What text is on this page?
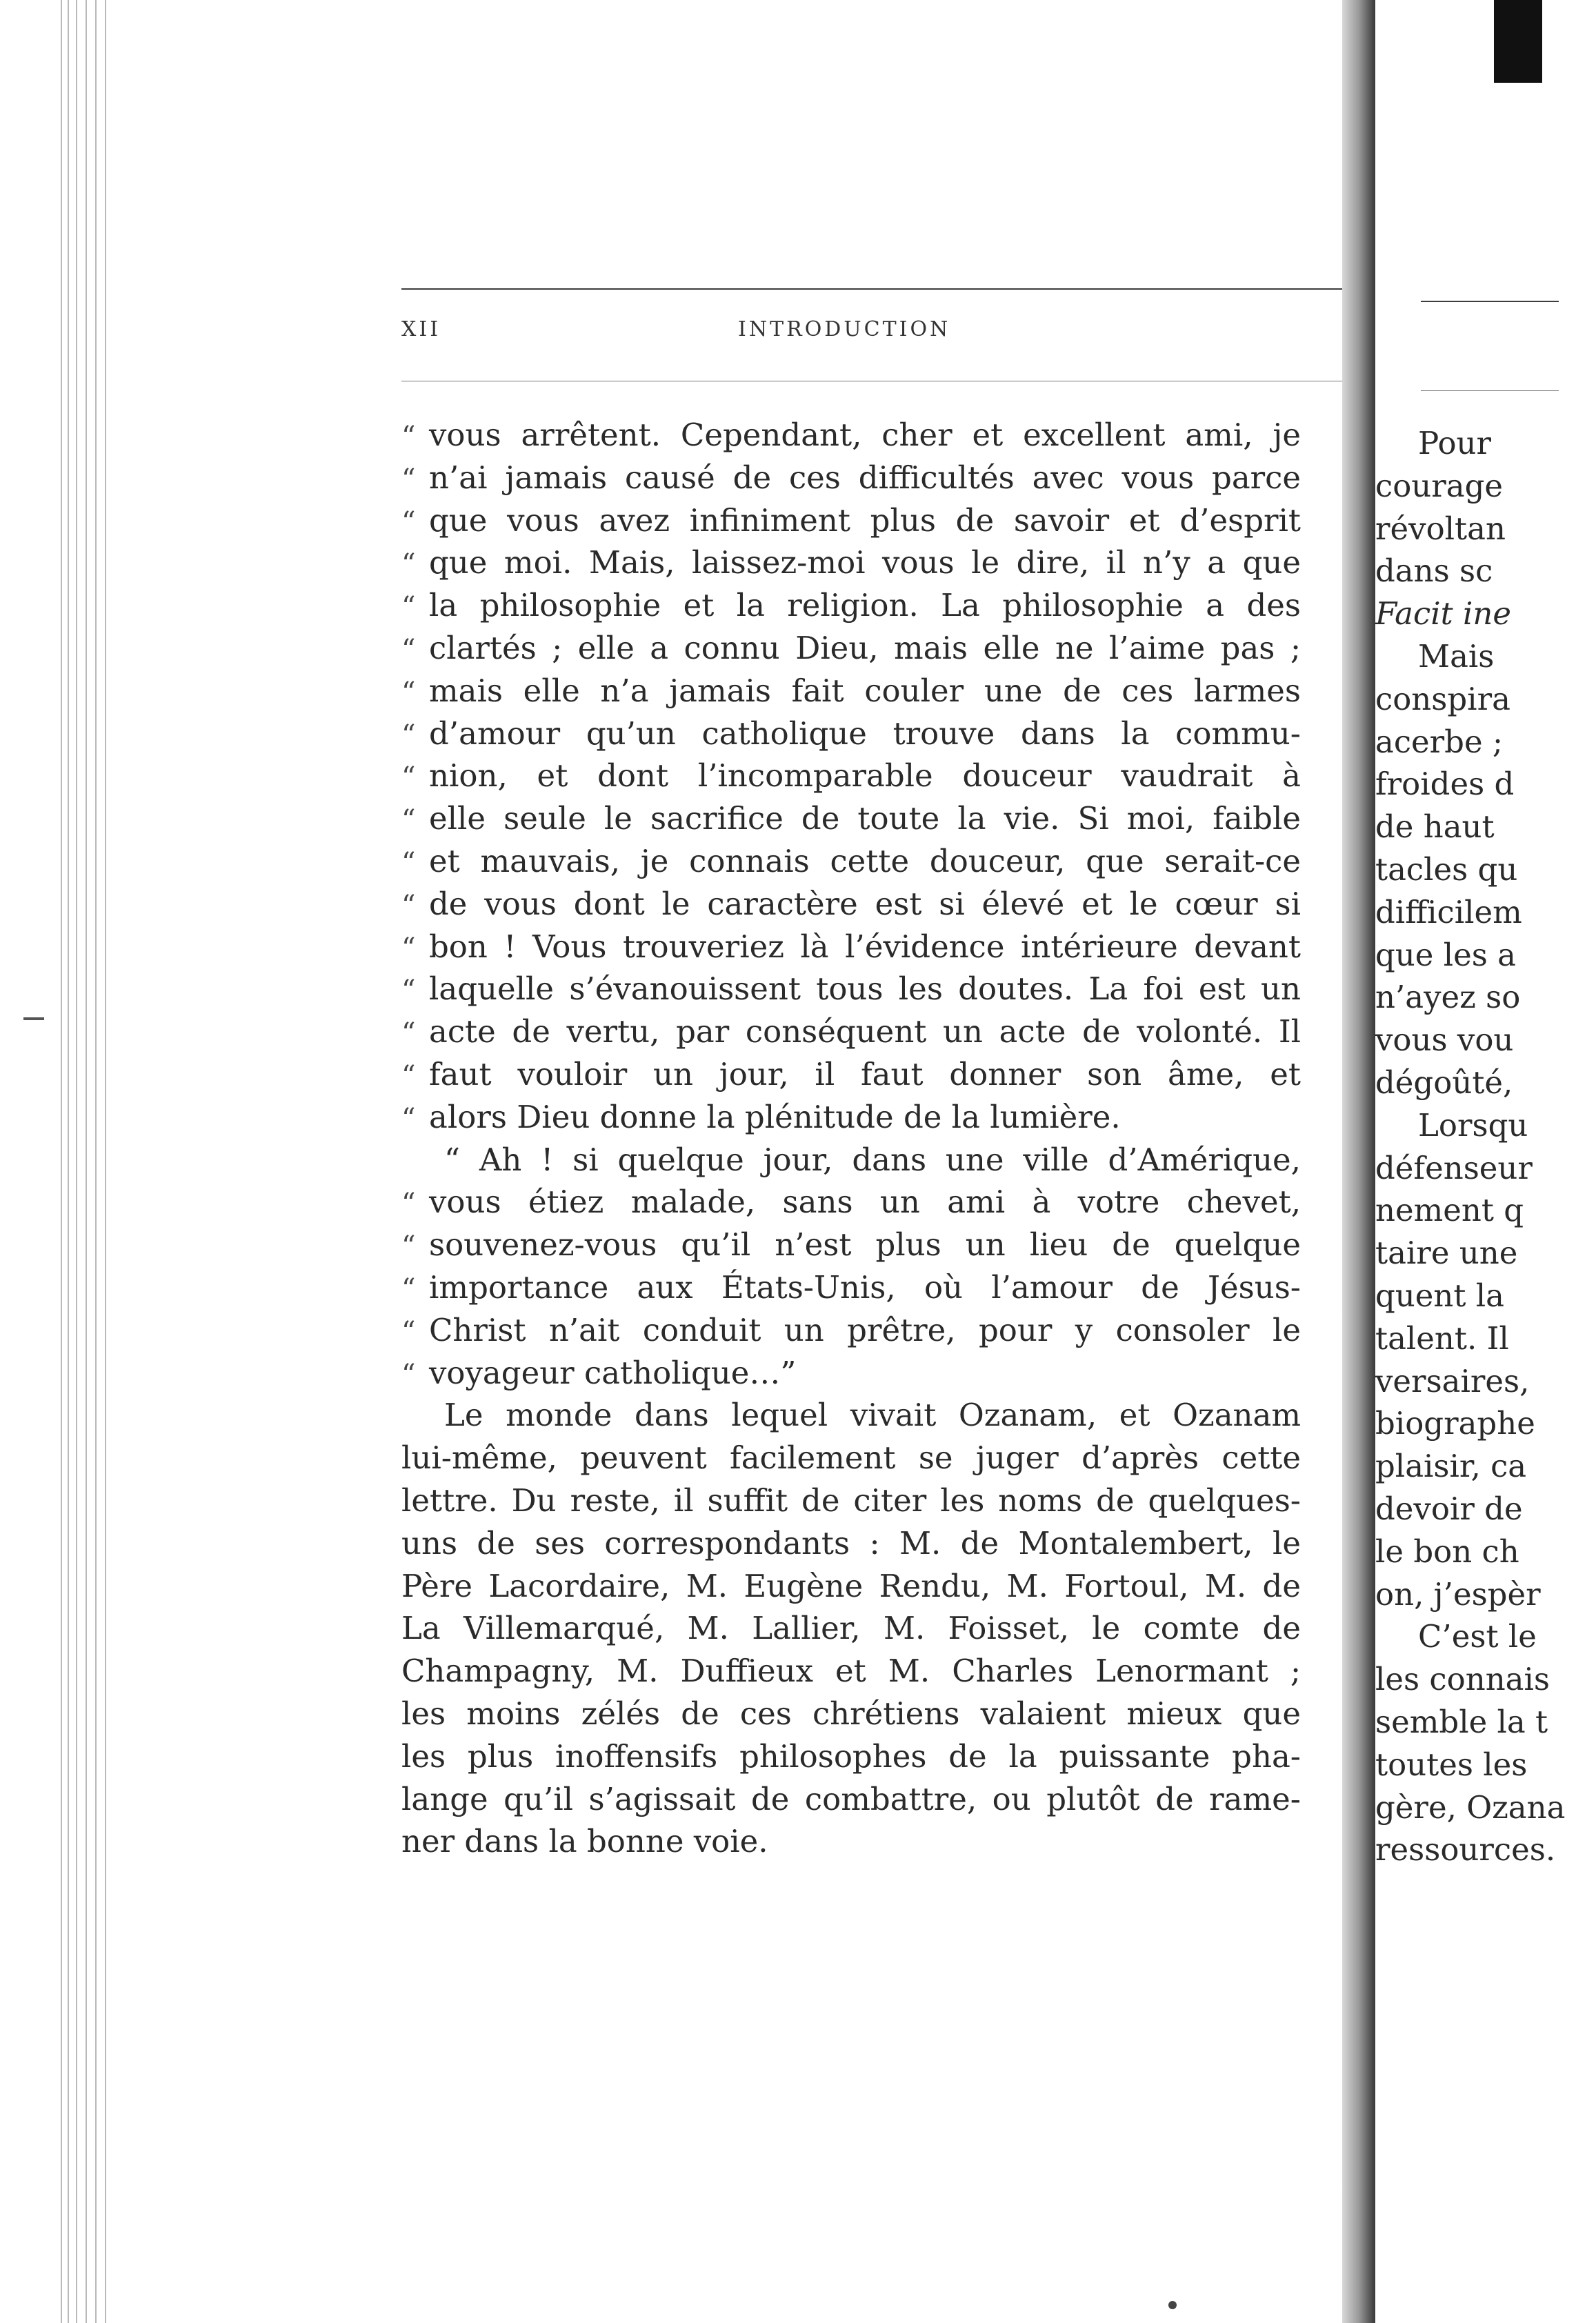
XII	INTRODUCTION
“ vous arrêtent. Cependant, cher et excellent ami, je
“ n’ai jamais causé de ces difficultés avec vous parce
“ que vous avez infiniment plus de savoir et d’esprit
“ que moi. Mais, laissez-moi vous le dire, il n’y a que
“ la philosophie et la religion. La philosophie a des
“ clartés ; elle a connu Dieu, mais elle ne l’aime pas ;
“ mais elle n’a jamais fait couler une de ces larmes
“ d’amour qu’un catholique trouve dans la commu-
“ nion, et dont l’incomparable douceur vaudrait à
“ elle seule le sacrifice de toute la vie. Si moi, faible
“ et mauvais, je connais cette douceur, que serait-ce
“ de vous dont le caractère est si élevé et le cœur si
“ bon ! Vous trouveriez là l’évidence intérieure devant
“ laquelle s’évanouissent tous les doutes. La foi est un
“ acte de vertu, par conséquent un acte de volonté. Il
“ faut vouloir un jour, il faut donner son âme, et
“ alors Dieu donne la plénitude de la lumière.
“ Ah ! si quelque jour, dans une ville d’Amérique,
“ vous étiez malade, sans un ami à votre chevet,
“ souvenez-vous qu’il n’est plus un lieu de quelque
“ importance aux États-Unis, où l’amour de Jésus-
“ Christ n’ait conduit un prêtre, pour y consoler le
“ voyageur catholique…”
Le monde dans lequel vivait Ozanam, et Ozanam
lui-même, peuvent facilement se juger d’après cette
lettre. Du reste, il suffit de citer les noms de quelques-
uns de ses correspondants : M. de Montalembert, le
Père Lacordaire, M. Eugène Rendu, M. Fortoul, M. de
La Villemarqué, M. Lallier, M. Foisset, le comte de
Champagny, M. Duffieux et M. Charles Lenormant ;
les moins zélés de ces chrétiens valaient mieux que
les plus inoffensifs philosophes de la puissante pha-
lange qu’il s’agissait de combattre, ou plutôt de rame-
ner dans la bonne voie.
Pour
courage
révoltan
dans sc
Facit ine
Mais
conspira
acerbe ;
froides d
de haut
tacles qu
difficilem
que les a
n’ayez so
vous vou
dégoûté,
Lorsqu
défenseur
nement q
taire une
quent la
talent. Il
versaires,
biographe
plaisir, ca
devoir de
le bon ch
on, j’espèr
C’est le
les connais
semble la t
toutes les
gère, Ozana
ressources.
